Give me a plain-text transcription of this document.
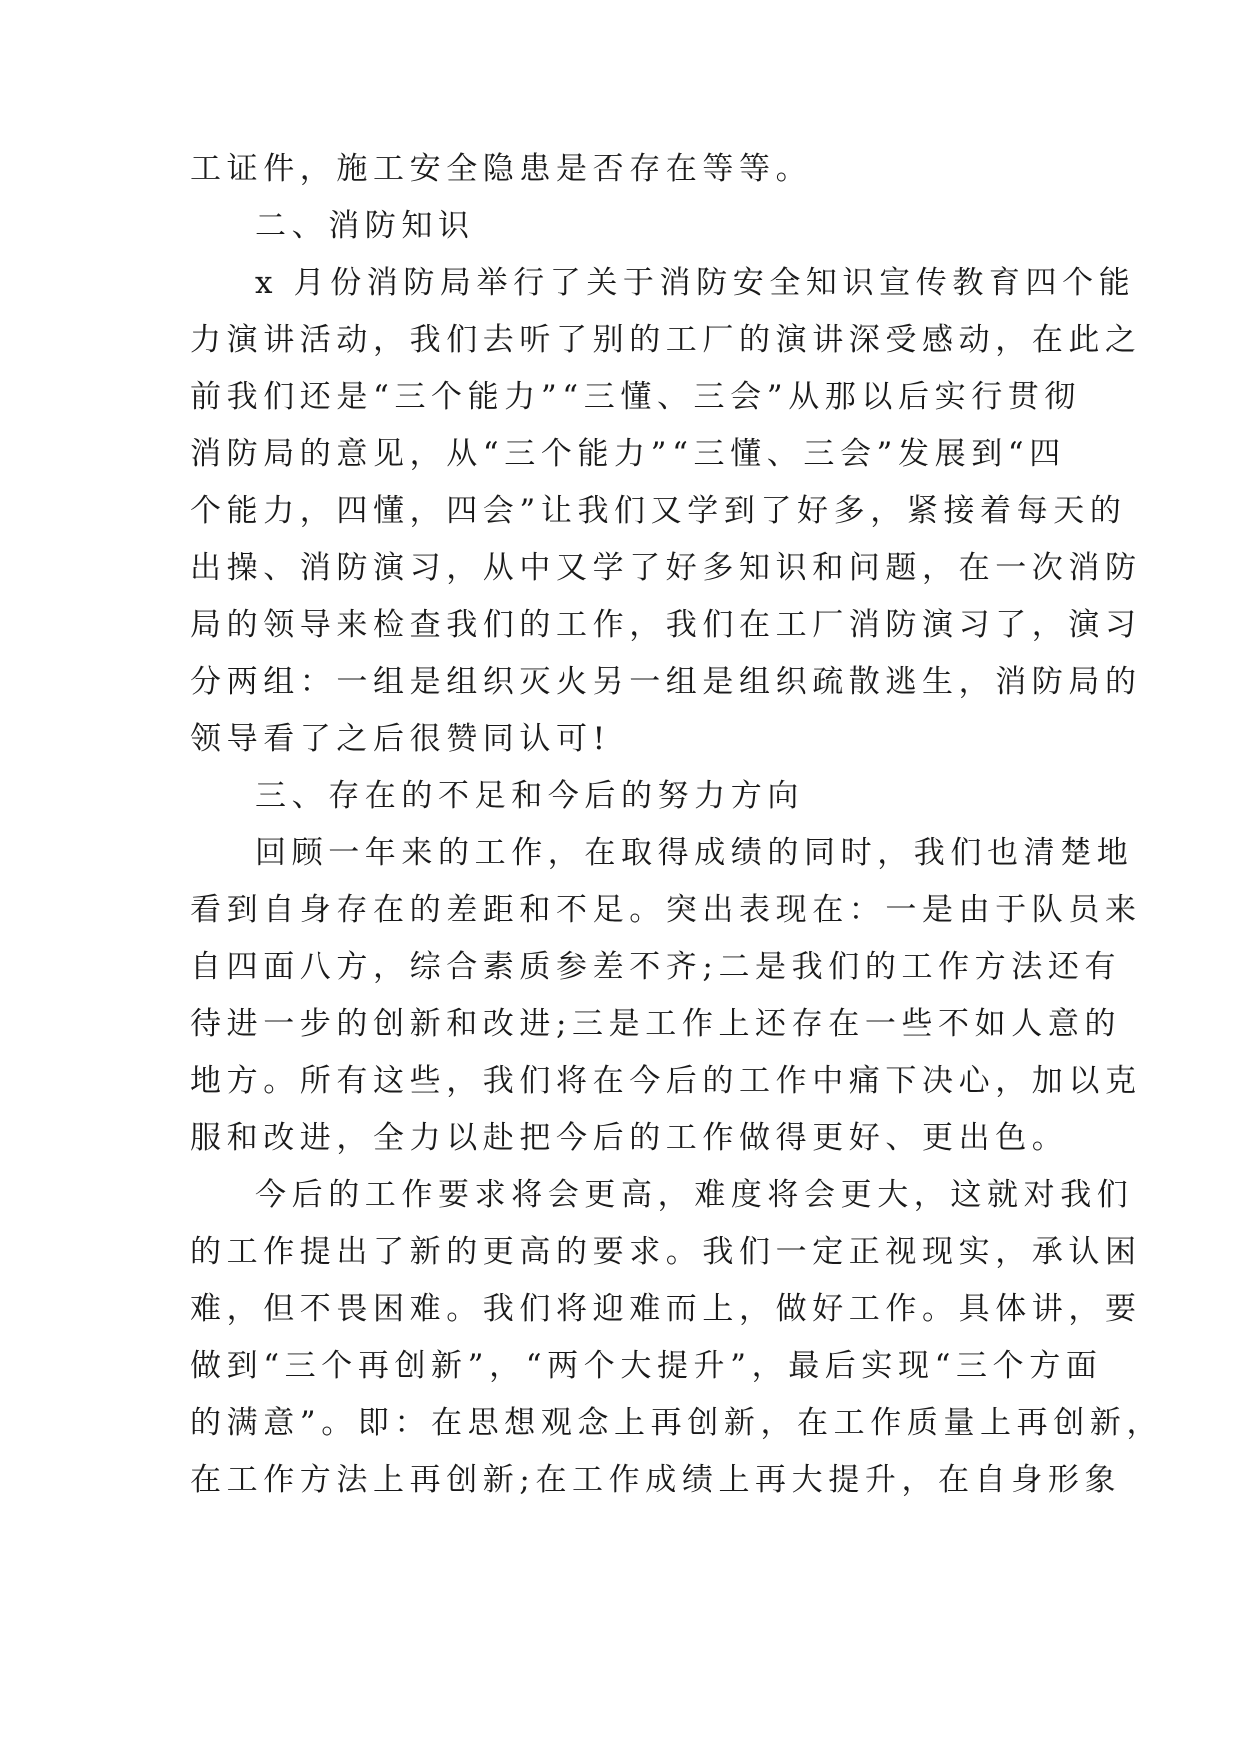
工证件，施工安全隐患是否存在等等。
二、消防知识
x 月份消防局举行了关于消防安全知识宣传教育四个能
力演讲活动，我们去听了别的工厂的演讲深受感动，在此之
前我们还是“三个能力”“三懂、三会”从那以后实行贯彻
消防局的意见，从“三个能力”“三懂、三会”发展到“四
个能力，四懂，四会”让我们又学到了好多，紧接着每天的
出操、消防演习，从中又学了好多知识和问题，在一次消防
局的领导来检查我们的工作，我们在工厂消防演习了，演习
分两组：一组是组织灭火另一组是组织疏散逃生，消防局的
领导看了之后很赞同认可!
三、存在的不足和今后的努力方向
回顾一年来的工作，在取得成绩的同时，我们也清楚地
看到自身存在的差距和不足。突出表现在：一是由于队员来
自四面八方，综合素质参差不齐;二是我们的工作方法还有
待进一步的创新和改进;三是工作上还存在一些不如人意的
地方。所有这些，我们将在今后的工作中痛下决心，加以克
服和改进，全力以赴把今后的工作做得更好、更出色。
今后的工作要求将会更高，难度将会更大，这就对我们
的工作提出了新的更高的要求。我们一定正视现实，承认困
难，但不畏困难。我们将迎难而上，做好工作。具体讲，要
做到“三个再创新”，“两个大提升”，最后实现“三个方面
的满意”。即：在思想观念上再创新，在工作质量上再创新，
在工作方法上再创新;在工作成绩上再大提升，在自身形象
